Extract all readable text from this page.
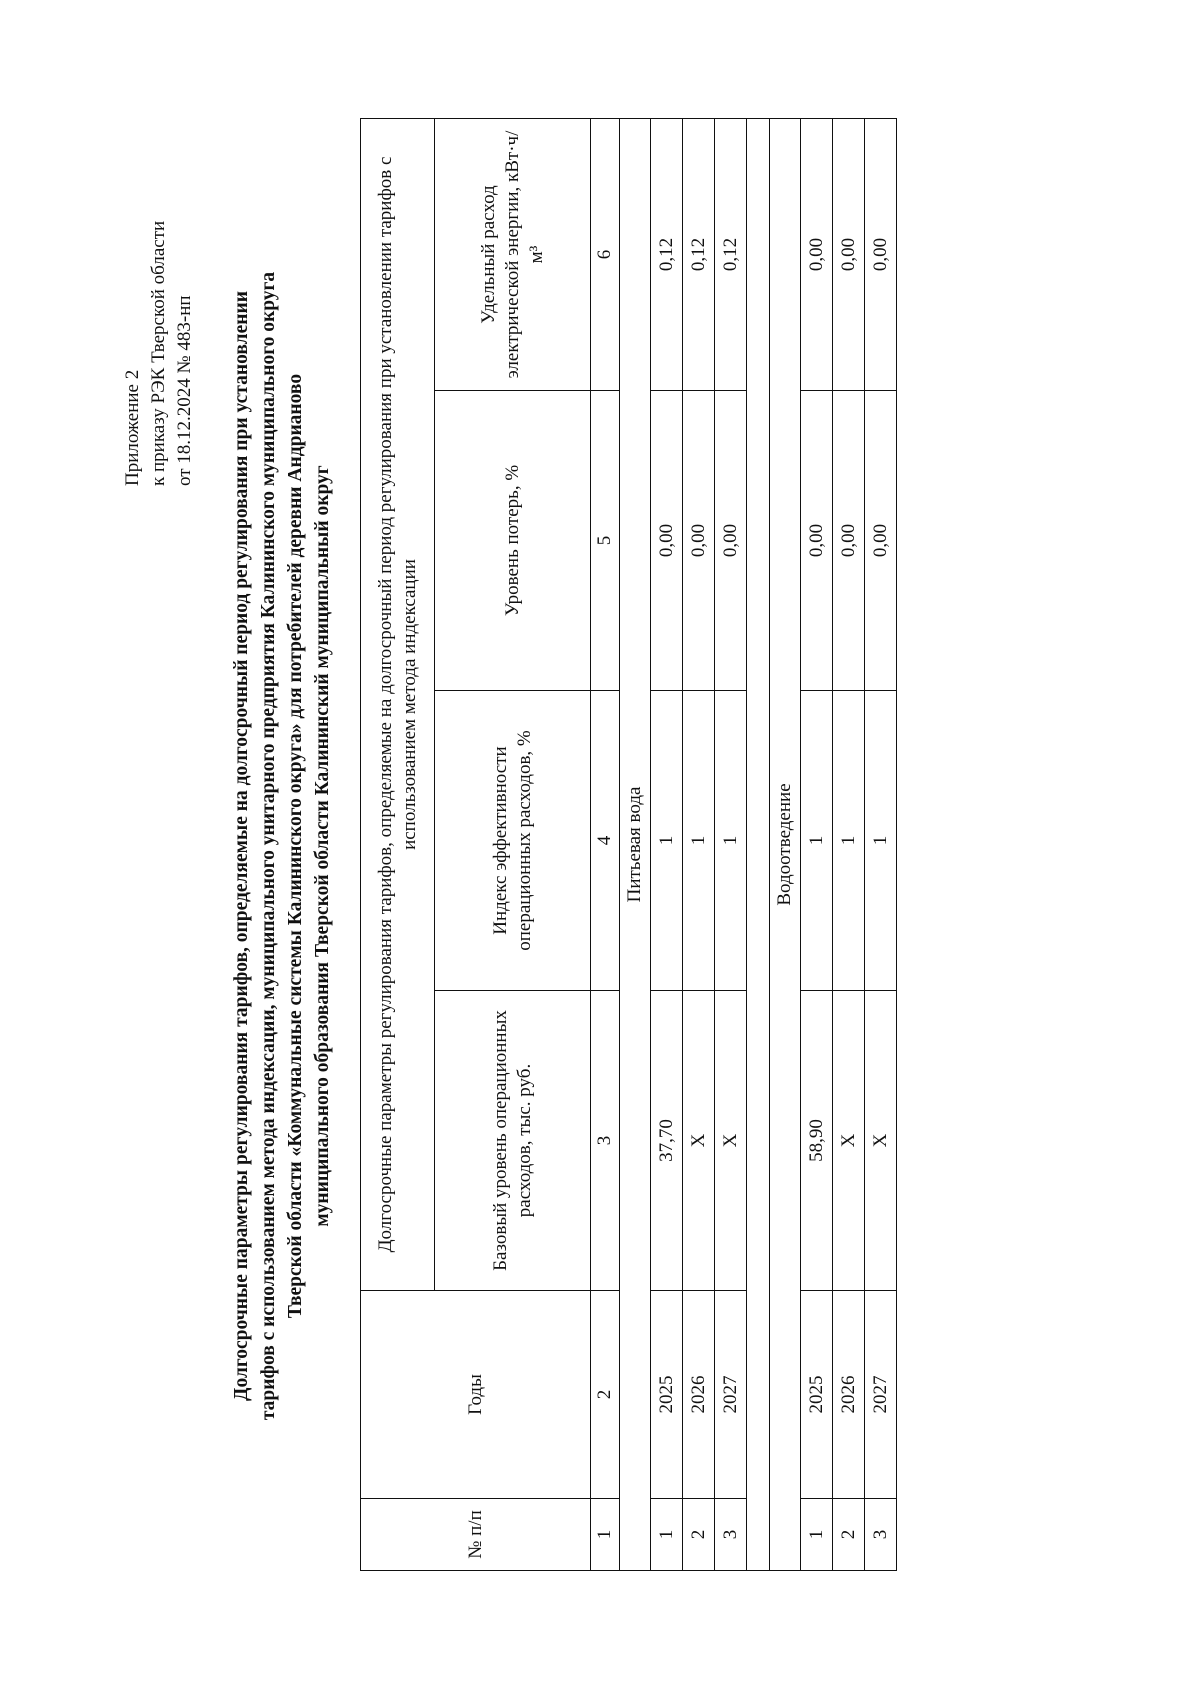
Приложение 2 к приказу РЭК Тверской области от 18.12.2024 № 483-нп Долгосрочные параметры регулирования тарифов, определяемые на долгосрочный период регулирования при установлении тарифов с использованием метода индексации, муниципального унитарного предприятия Калининского муниципального округа Тверской области «Коммунальные системы Калининского округа» для потребителей деревни Андрианово муниципального образования Тверской области Калининский муниципальный округ
№ п/п	Годы	Долгосрочные параметры регулирования тарифов, определяемые на долгосрочный период регулирования при установлении тарифов с использованием метода индексации			
		Базовый уровень операционных расходов, тыс. руб.	Индекс эффективности операционных расходов, %	Уровень потерь, %	Удельный расход электрической энергии, кВт·ч/м³
1	2	3	4	5	6
Питьевая вода					
1	2025	37,70	1	0,00	0,12
2	2026	X	1	0,00	0,12
3	2027	X	1	0,00	0,12

Водоотведение					
1	2025	58,90	1	0,00	0,00
2	2026	X	1	0,00	0,00
3	2027	X	1	0,00	0,00
